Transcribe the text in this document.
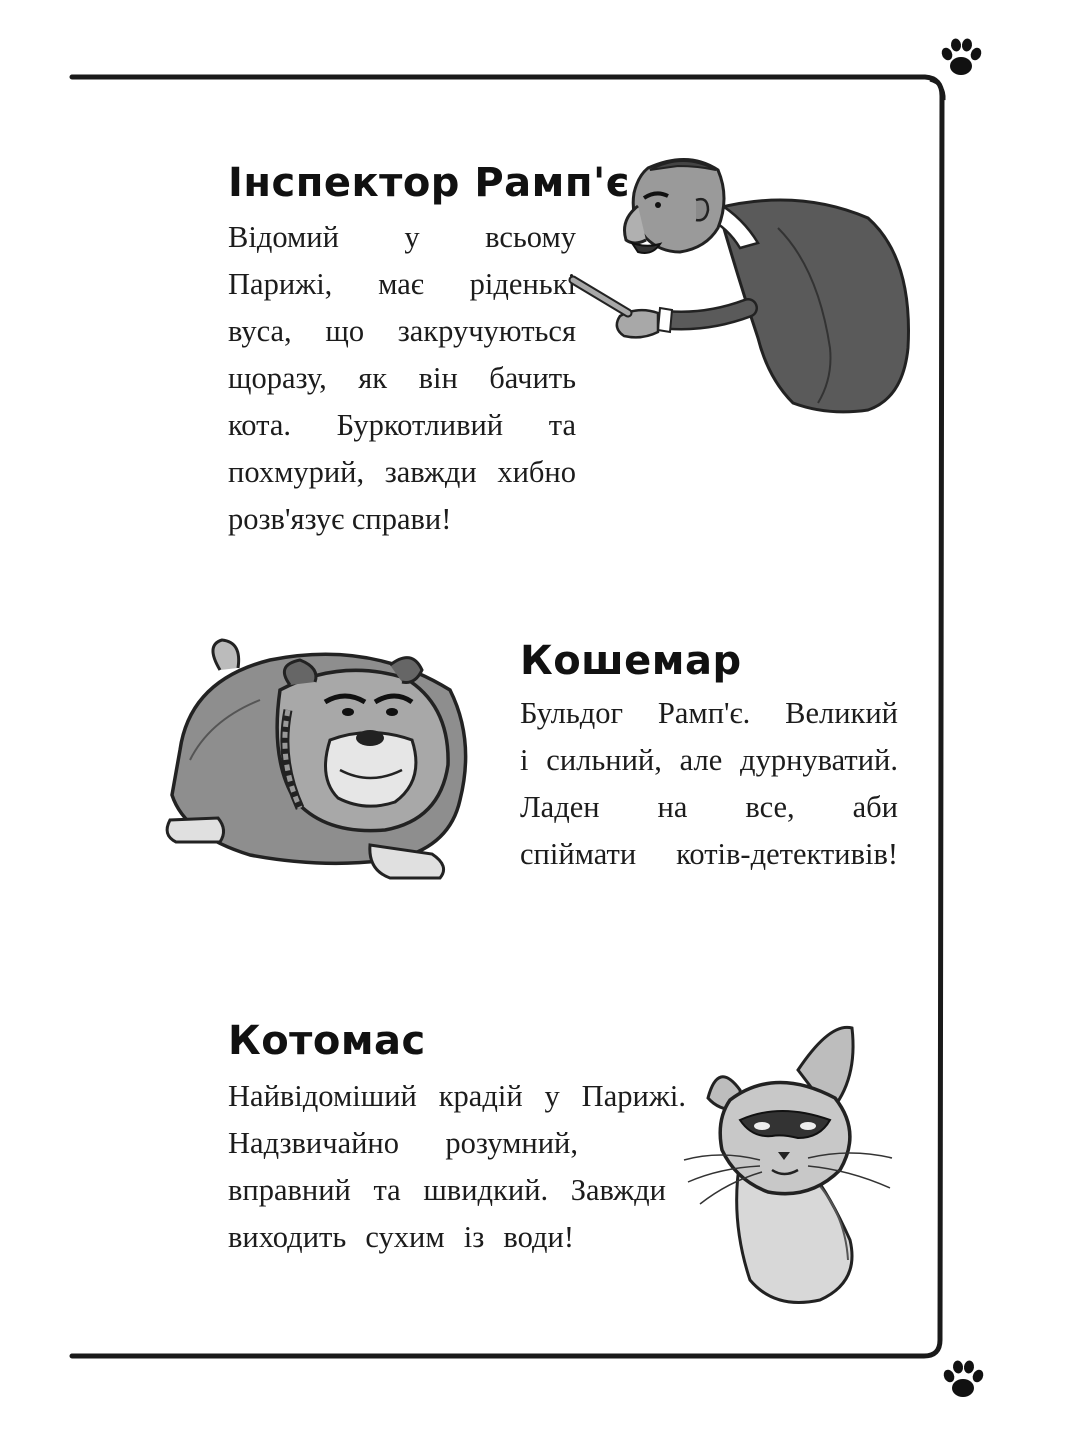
Інспектор Рамп'є

Відомий у всьому
Парижі, має ріденькі
вуса, що закручуються
щоразу, як він бачить
кота. Буркотливий та
похмурий, завжди хибно
розв'язує справи!

Кошемар

Бульдог Рамп'є. Великий
і сильний, але дурнуватий.
Ладен на все, аби
спіймати котів-детективів!

Котомас

Найвідоміший крадій у Парижі.
Надзвичайно розумний,
вправний та швидкий. Завжди
виходить сухим із води!
